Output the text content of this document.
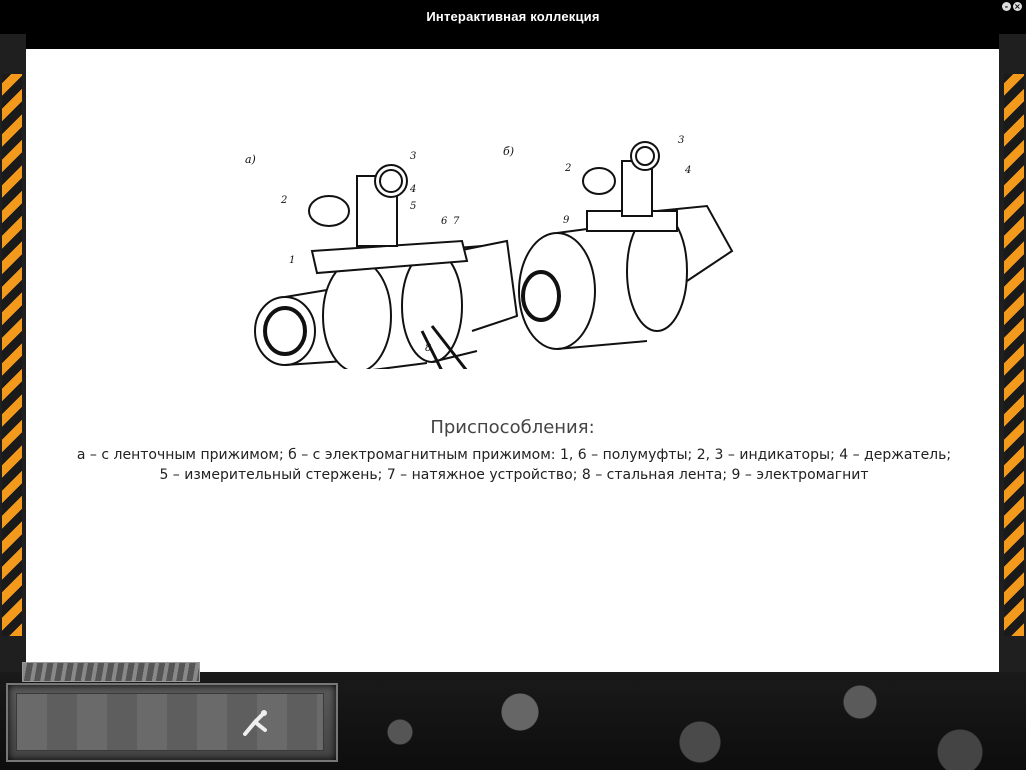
Интерактивная коллекция
- ×
а)	3
4
2
5
6 7
1
8
б)
3
2	4
9
Приспособления:
а – с ленточным прижимом; б – с электромагнитным прижимом: 1, 6 – полумуфты; 2, 3 – индикаторы; 4 – держатель; 5 – измерительный стержень; 7 – натяжное устройство; 8 – стальная лента; 9 – электромагнит
